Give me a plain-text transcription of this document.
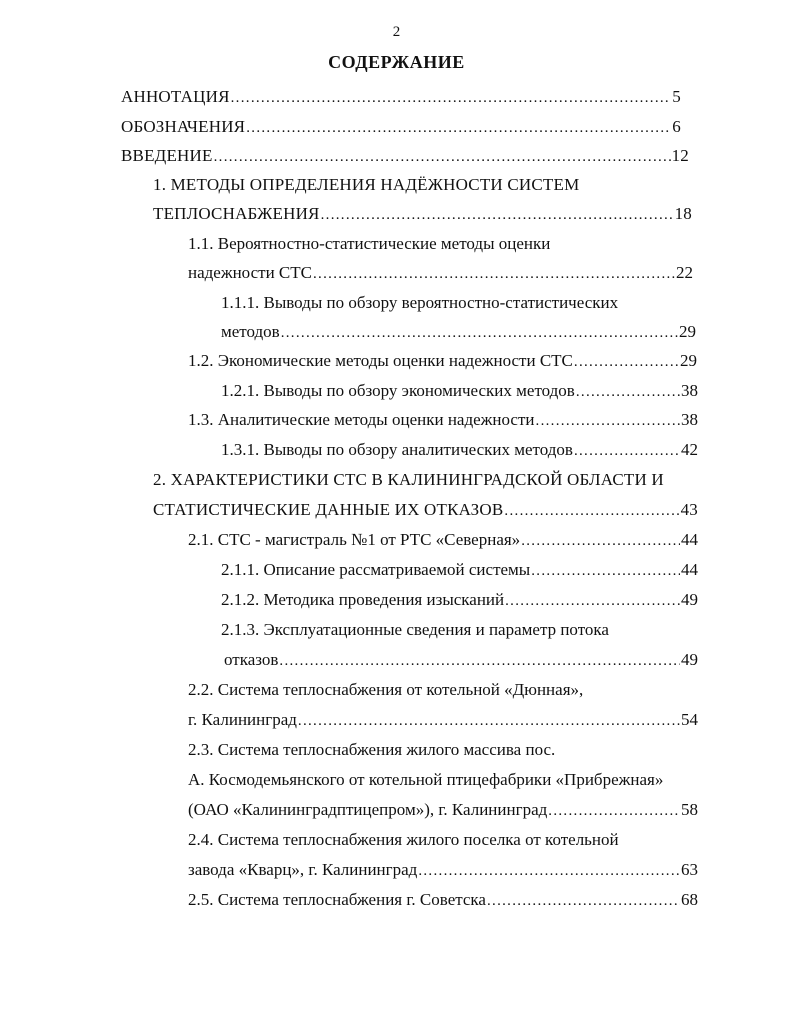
2
СОДЕРЖАНИЕ
АННОТАЦИЯ .....	5
ОБОЗНАЧЕНИЯ .....	6
ВВЕДЕНИЕ .....	12
1. МЕТОДЫ ОПРЕДЕЛЕНИЯ НАДЁЖНОСТИ СИСТЕМ
ТЕПЛОСНАБЖЕНИЯ .....	18
1.1. Вероятностно-статистические методы оценки
надежности СТС .....	22
1.1.1. Выводы по обзору вероятностно-статистических
методов .....	29
1.2. Экономические методы оценки надежности СТС .....	29
1.2.1. Выводы по обзору экономических методов .....	38
1.3. Аналитические методы оценки надежности .....	38
1.3.1. Выводы по обзору аналитических методов .....	42
2. ХАРАКТЕРИСТИКИ СТС В КАЛИНИНГРАДСКОЙ ОБЛАСТИ И
СТАТИСТИЧЕСКИЕ ДАННЫЕ ИХ ОТКАЗОВ .....	43
2.1. СТС - магистраль №1 от РТС «Северная» .....	44
2.1.1. Описание рассматриваемой системы .....	44
2.1.2. Методика проведения изысканий .....	49
2.1.3. Эксплуатационные сведения и параметр потока
отказов .....	49
2.2. Система теплоснабжения от котельной «Дюнная»,
г. Калининград .....	54
2.3. Система теплоснабжения жилого массива пос.
А. Космодемьянского от котельной птицефабрики «Прибрежная»
(ОАО «Калининградптицепром»), г. Калининград .....	58
2.4. Система теплоснабжения жилого поселка от котельной
завода «Кварц», г. Калининград .....	63
2.5. Система теплоснабжения г. Советска .....	68
